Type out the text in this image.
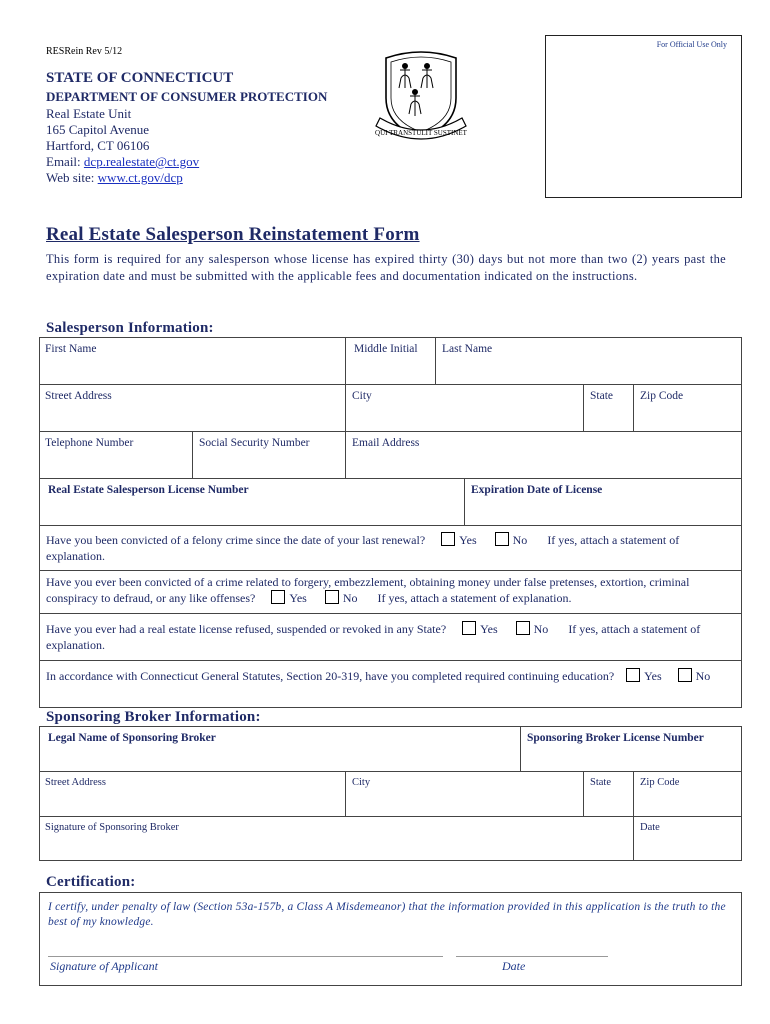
RESRein Rev 5/12
STATE OF CONNECTICUT
DEPARTMENT OF CONSUMER PROTECTION
Real Estate Unit
165 Capitol Avenue
Hartford, CT 06106
Email: dcp.realestate@ct.gov
Web site: www.ct.gov/dcp
QUI TRANSTULIT SUSTINET
For Official Use Only
Real Estate Salesperson Reinstatement Form
This form is required for any salesperson whose license has expired thirty (30) days but not more than two (2) years past the expiration date and must be submitted with the applicable fees and documentation indicated on the instructions.
Salesperson Information:
First Name	Middle Initial	Last Name
Street Address	City	State	Zip Code
Telephone Number	Social Security Number	Email Address
Real Estate Salesperson License Number	Expiration Date of License
Have you been convicted of a felony crime since the date of your last renewal?	Yes	No If yes, attach a statement of
explanation.
Have you ever been convicted of a crime related to forgery, embezzlement, obtaining money under false pretenses, extortion, criminal
conspiracy to defraud, or any like offenses?	Yes	No If yes, attach a statement of explanation.
Have you ever had a real estate license refused, suspended or revoked in any State?	Yes	No If yes, attach a statement of
explanation.
In accordance with Connecticut General Statutes, Section 20-319, have you completed required continuing education?	Yes	No
Sponsoring Broker Information:
Legal Name of Sponsoring Broker	Sponsoring Broker License Number
Street Address	City	State	Zip Code
Signature of Sponsoring Broker	Date
Certification:
I certify, under penalty of law (Section 53a-157b, a Class A Misdemeanor) that the information provided in this application is the truth to the best of my knowledge.
Signature of Applicant	Date
